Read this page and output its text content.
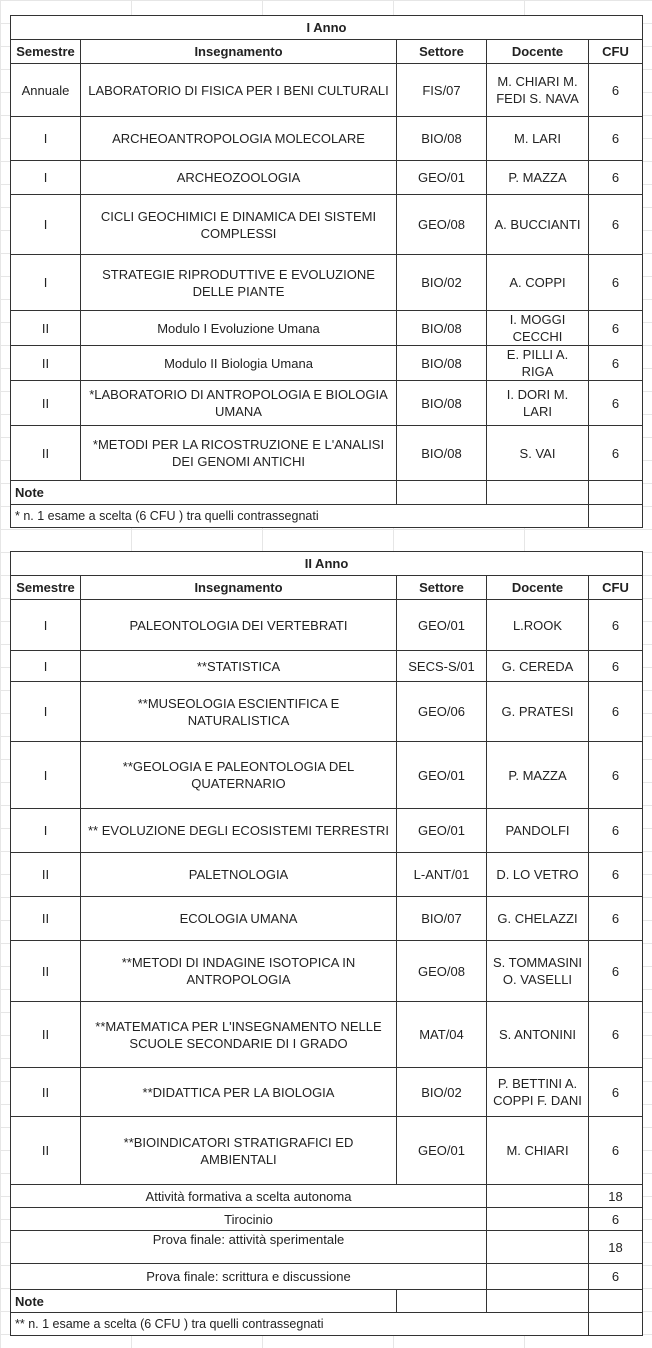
I Anno				
Semestre	Insegnamento	Settore	Docente	CFU
Annuale	LABORATORIO DI FISICA PER I BENI CULTURALI	FIS/07	M. CHIARI M. FEDI S. NAVA	6
I	ARCHEOANTROPOLOGIA MOLECOLARE	BIO/08	M. LARI	6
I	ARCHEOZOOLOGIA	GEO/01	P. MAZZA	6
I	CICLI GEOCHIMICI E DINAMICA DEI SISTEMI COMPLESSI	GEO/08	A. BUCCIANTI	6
I	STRATEGIE RIPRODUTTIVE E EVOLUZIONE DELLE PIANTE	BIO/02	A. COPPI	6
II	Modulo I Evoluzione Umana	BIO/08	I. MOGGI CECCHI	6
II	Modulo II Biologia Umana	BIO/08	E. PILLI A. RIGA	6
II	*LABORATORIO DI ANTROPOLOGIA E BIOLOGIA UMANA	BIO/08	I. DORI M. LARI	6
II	*METODI PER LA RICOSTRUZIONE E L'ANALISI DEI GENOMI ANTICHI	BIO/08	S. VAI	6
Note				
* n. 1 esame a scelta (6 CFU ) tra quelli contrassegnati				
II Anno				
Semestre	Insegnamento	Settore	Docente	CFU
I	PALEONTOLOGIA DEI VERTEBRATI	GEO/01	L.ROOK	6
I	**STATISTICA	SECS-S/01	G. CEREDA	6
I	**MUSEOLOGIA ESCIENTIFICA E NATURALISTICA	GEO/06	G. PRATESI	6
I	**GEOLOGIA E PALEONTOLOGIA DEL QUATERNARIO	GEO/01	P. MAZZA	6
I	** EVOLUZIONE DEGLI ECOSISTEMI TERRESTRI	GEO/01	PANDOLFI	6
II	PALETNOLOGIA	L-ANT/01	D. LO VETRO	6
II	ECOLOGIA UMANA	BIO/07	G. CHELAZZI	6
II	**METODI DI INDAGINE ISOTOPICA IN ANTROPOLOGIA	GEO/08	S. TOMMASINI O. VASELLI	6
II	**MATEMATICA PER L'INSEGNAMENTO NELLE SCUOLE SECONDARIE DI I GRADO	MAT/04	S. ANTONINI	6
II	**DIDATTICA PER LA BIOLOGIA	BIO/02	P. BETTINI A. COPPI F. DANI	6
II	**BIOINDICATORI STRATIGRAFICI ED AMBIENTALI	GEO/01	M. CHIARI	6
Attività formativa a scelta autonoma				18
Tirocinio				6
Prova finale: attività sperimentale				18
Prova finale: scrittura e discussione				6
Note				
** n. 1 esame a scelta (6 CFU ) tra quelli contrassegnati				
